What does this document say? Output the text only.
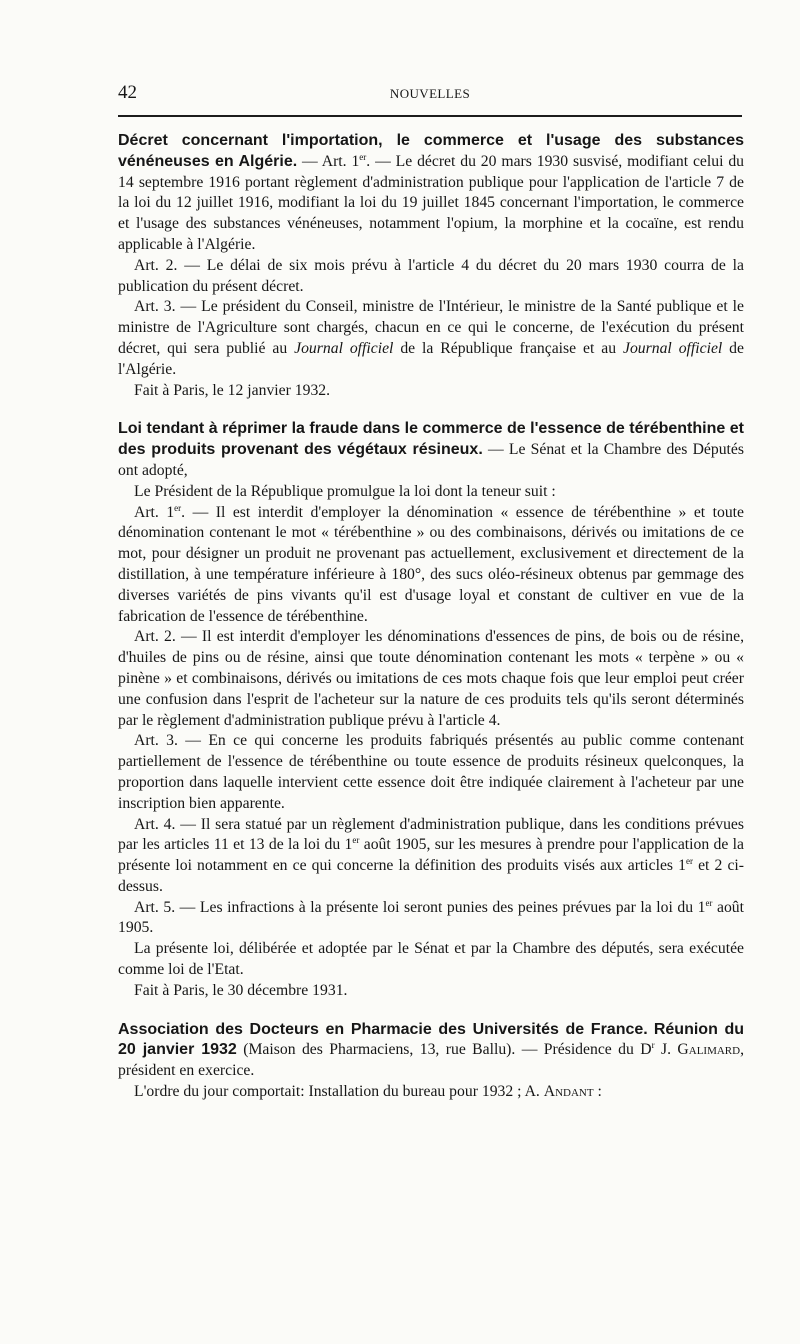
42	NOUVELLES

Décret concernant l'importation, le commerce et l'usage des substances vénéneuses en Algérie. — Art. 1er. — Le décret du 20 mars 1930 susvisé, modifiant celui du 14 septembre 1916 portant règlement d'administration publique pour l'application de l'article 7 de la loi du 12 juillet 1916, modifiant la loi du 19 juillet 1845 concernant l'importation, le commerce et l'usage des substances vénéneuses, notamment l'opium, la morphine et la cocaïne, est rendu applicable à l'Algérie.

Art. 2. — Le délai de six mois prévu à l'article 4 du décret du 20 mars 1930 courra de la publication du présent décret.

Art. 3. — Le président du Conseil, ministre de l'Intérieur, le ministre de la Santé publique et le ministre de l'Agriculture sont chargés, chacun en ce qui le concerne, de l'exécution du présent décret, qui sera publié au Journal officiel de la République française et au Journal officiel de l'Algérie.

Fait à Paris, le 12 janvier 1932.

Loi tendant à réprimer la fraude dans le commerce de l'essence de térébenthine et des produits provenant des végétaux résineux. — Le Sénat et la Chambre des Députés ont adopté,

Le Président de la République promulgue la loi dont la teneur suit :

Art. 1er. — Il est interdit d'employer la dénomination « essence de térébenthine » et toute dénomination contenant le mot « térébenthine » ou des combinaisons, dérivés ou imitations de ce mot, pour désigner un produit ne provenant pas actuellement, exclusivement et directement de la distillation, à une température inférieure à 180°, des sucs oléo-résineux obtenus par gemmage des diverses variétés de pins vivants qu'il est d'usage loyal et constant de cultiver en vue de la fabrication de l'essence de térébenthine.

Art. 2. — Il est interdit d'employer les dénominations d'essences de pins, de bois ou de résine, d'huiles de pins ou de résine, ainsi que toute dénomination contenant les mots « terpène » ou « pinène » et combinaisons, dérivés ou imitations de ces mots chaque fois que leur emploi peut créer une confusion dans l'esprit de l'acheteur sur la nature de ces produits tels qu'ils seront déterminés par le règlement d'administration publique prévu à l'article 4.

Art. 3. — En ce qui concerne les produits fabriqués présentés au public comme contenant partiellement de l'essence de térébenthine ou toute essence de produits résineux quelconques, la proportion dans laquelle intervient cette essence doit être indiquée clairement à l'acheteur par une inscription bien apparente.

Art. 4. — Il sera statué par un règlement d'administration publique, dans les conditions prévues par les articles 11 et 13 de la loi du 1er août 1905, sur les mesures à prendre pour l'application de la présente loi notamment en ce qui concerne la définition des produits visés aux articles 1er et 2 ci-dessus.

Art. 5. — Les infractions à la présente loi seront punies des peines prévues par la loi du 1er août 1905.

La présente loi, délibérée et adoptée par le Sénat et par la Chambre des députés, sera exécutée comme loi de l'Etat.

Fait à Paris, le 30 décembre 1931.

Association des Docteurs en Pharmacie des Universités de France. Réunion du 20 janvier 1932 (Maison des Pharmaciens, 13, rue Ballu). — Présidence du $D^r$ J. Galimard, président en exercice.

L'ordre du jour comportait: Installation du bureau pour 1932 ; A. Andant :
